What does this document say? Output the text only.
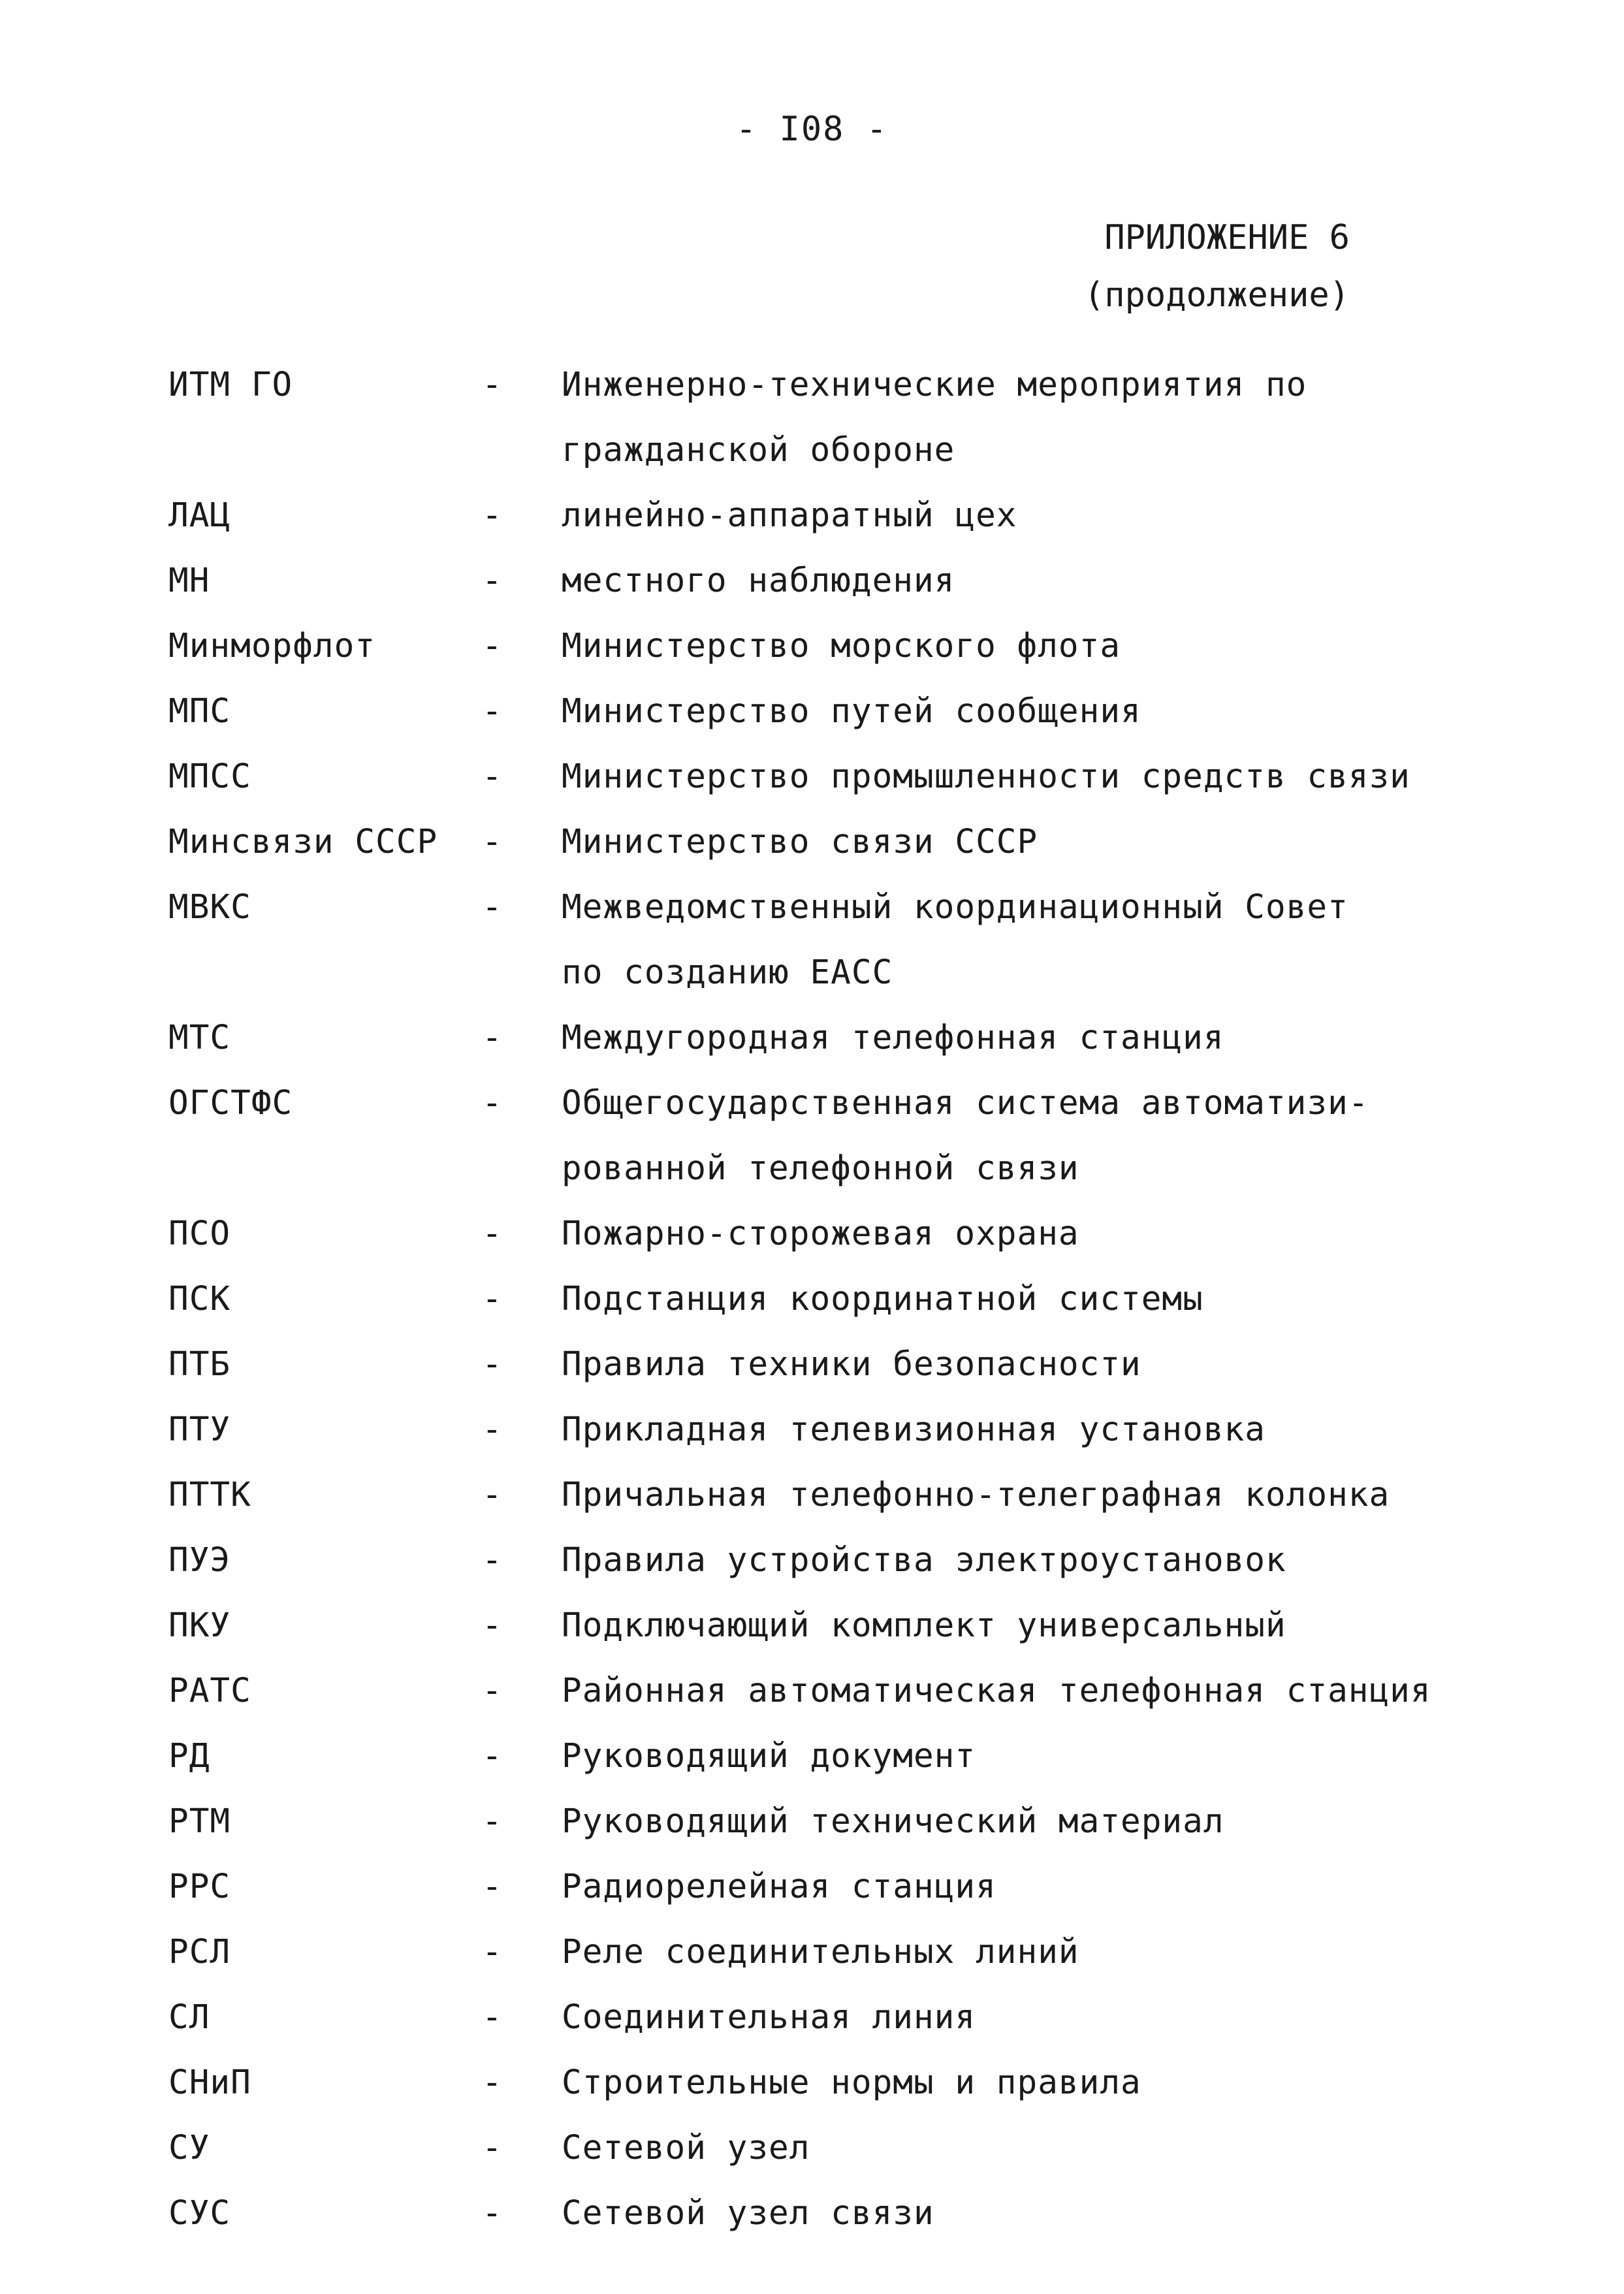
- I08 -
ПРИЛОЖЕНИЕ 6
(продолжение)
ИТМ ГО	-	Инженерно-технические мероприятия по
гражданской обороне
ЛАЦ	-	линейно-аппаратный цех
МН	-	местного наблюдения
Минморфлот	-	Министерство морского флота
МПС	-	Министерство путей сообщения
МПСС	-	Министерство промышленности средств связи
Минсвязи СССР	-	Министерство связи СССР
МВКС	-	Межведомственный координационный Совет
по созданию ЕАСС
МТС	-	Междугородная телефонная станция
ОГСТФС	-	Общегосударственная система автоматизи-
рованной телефонной связи
ПСО	-	Пожарно-сторожевая охрана
ПСК	-	Подстанция координатной системы
ПТБ	-	Правила техники безопасности
ПТУ	-	Прикладная телевизионная установка
ПТТК	-	Причальная телефонно-телеграфная колонка
ПУЭ	-	Правила устройства электроустановок
ПКУ	-	Подключающий комплект универсальный
РАТС	-	Районная автоматическая телефонная станция
РД	-	Руководящий документ
РТМ	-	Руководящий технический материал
РРС	-	Радиорелейная станция
РСЛ	-	Реле соединительных линий
СЛ	-	Соединительная линия
СНиП	-	Строительные нормы и правила
СУ	-	Сетевой узел
СУС	-	Сетевой узел связи
